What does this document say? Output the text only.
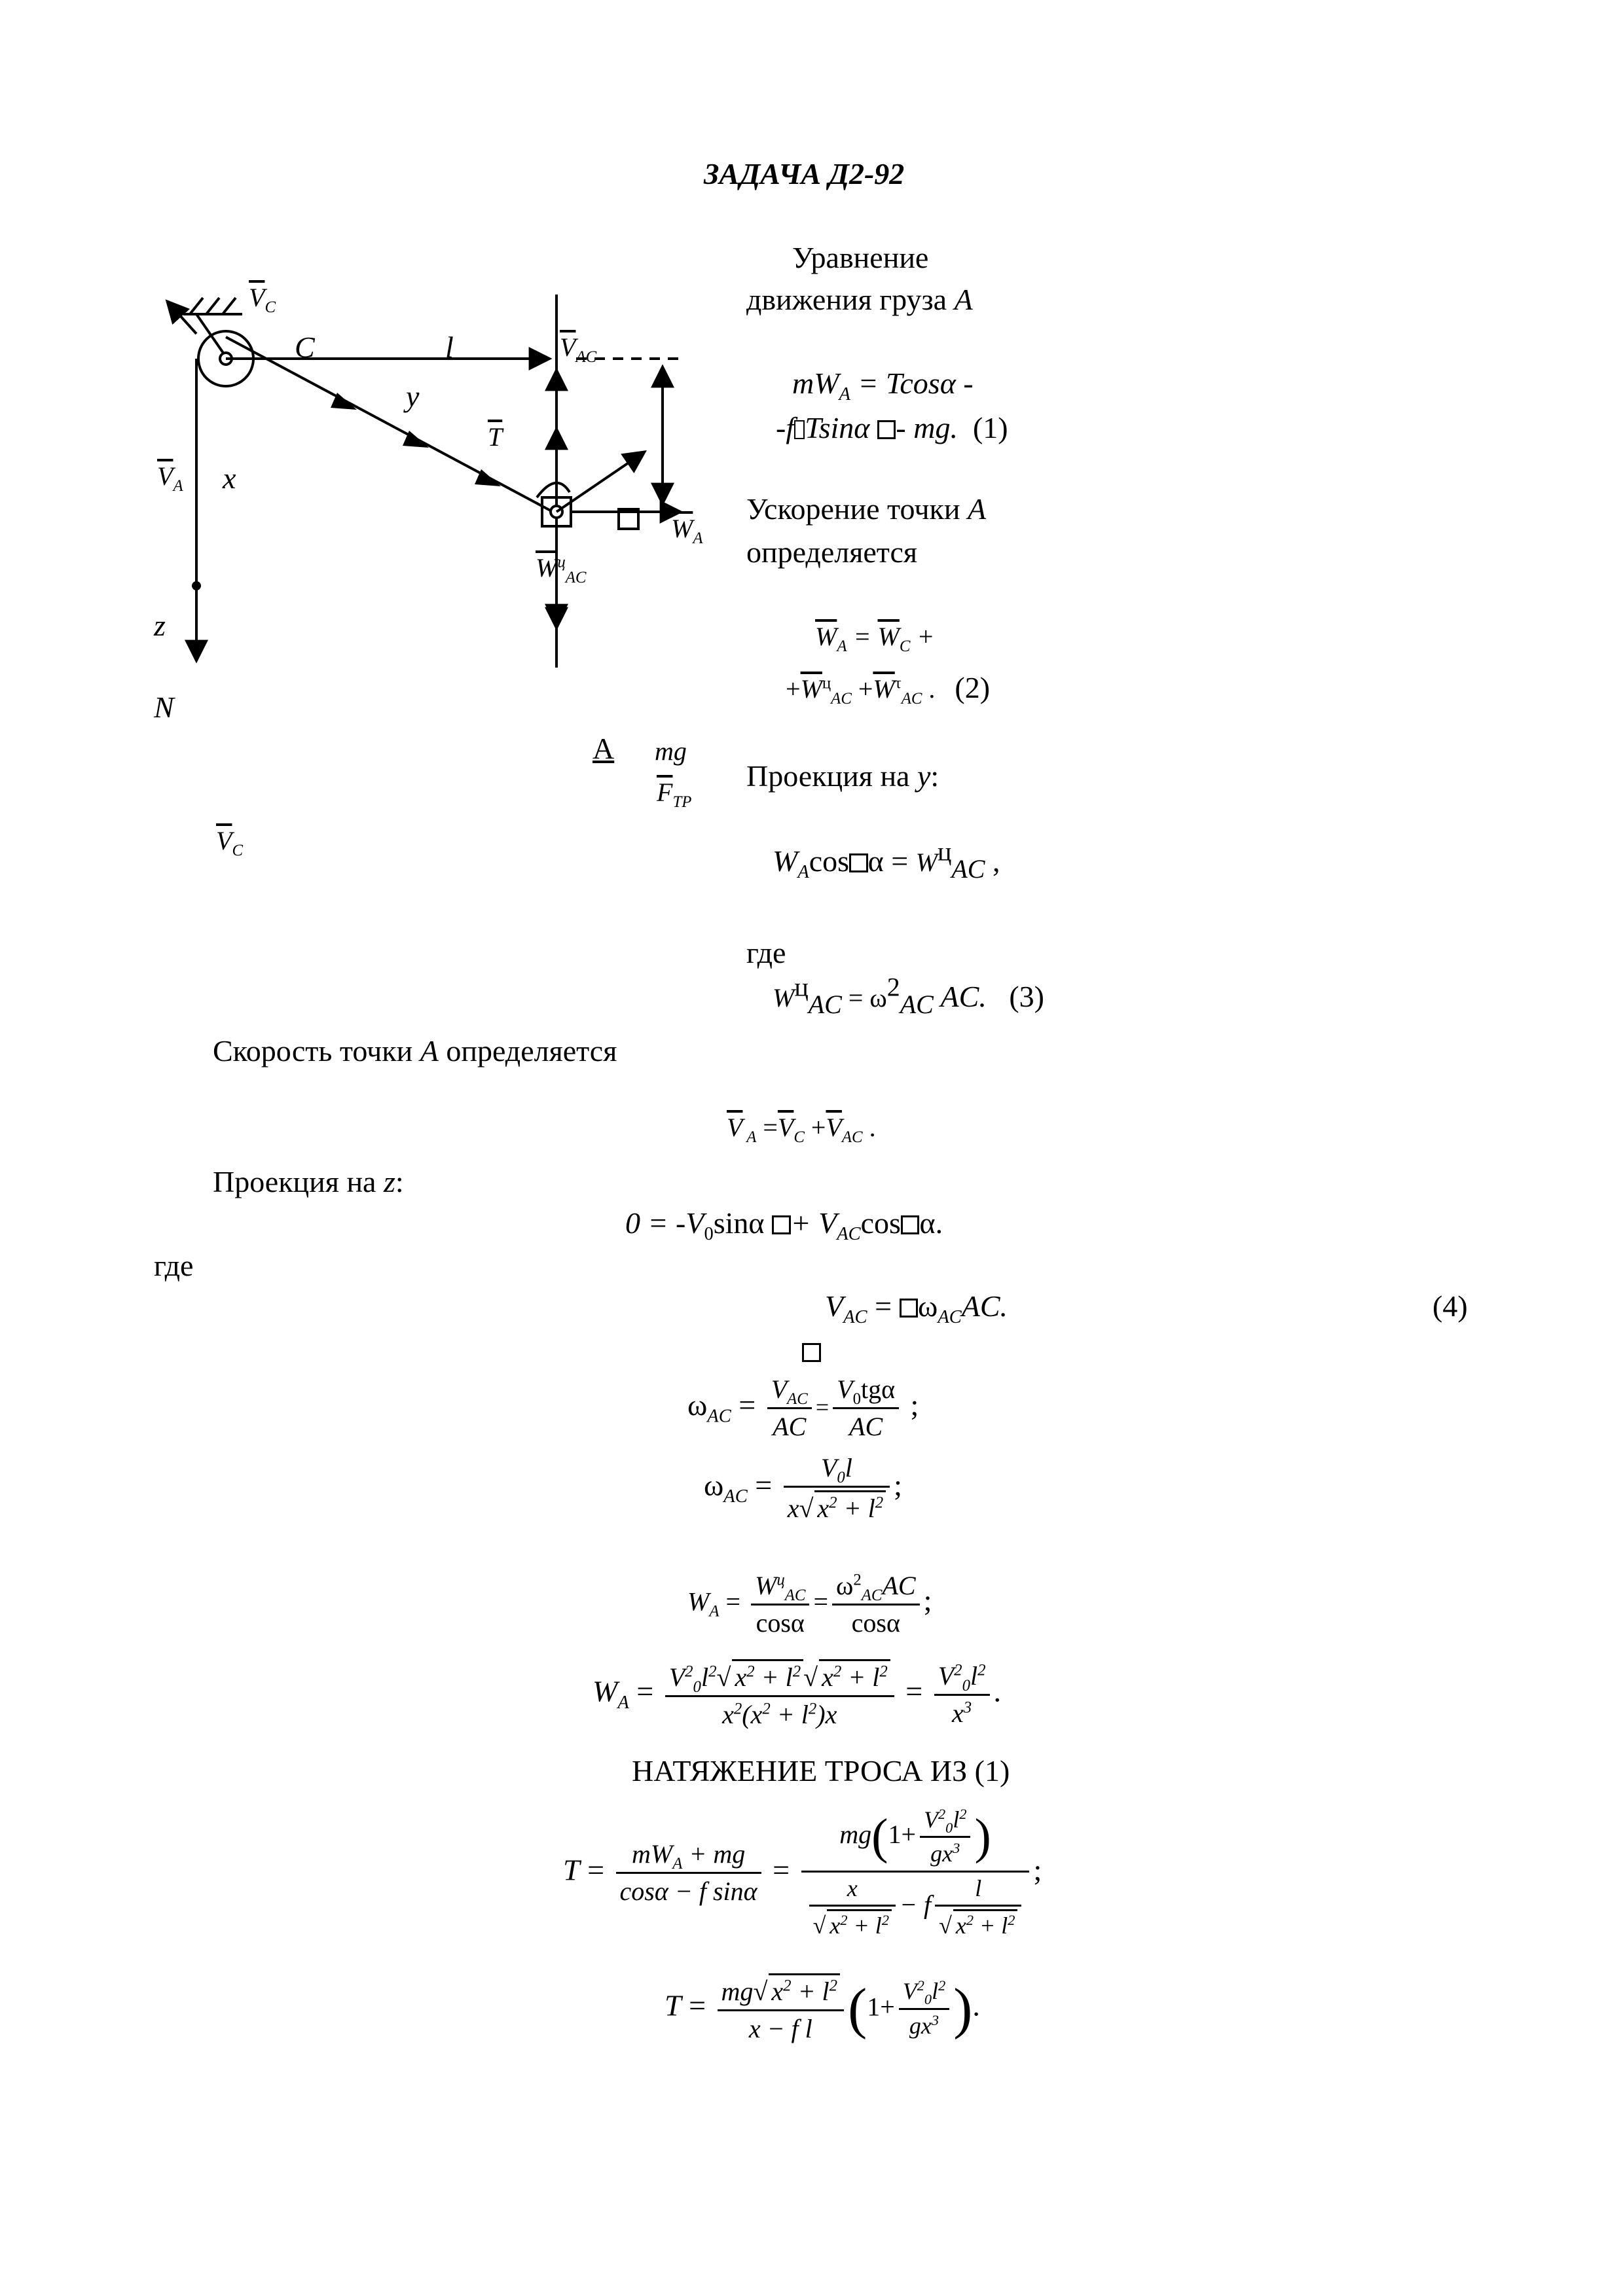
$\overline{V}_C$
C	l	$\overline{V}_{AC}$
y
$\overline{T}$
$\overline{V}_A$ x
$\overline{W}_A$
$\overline{W}^ц_{AC}$
z
N
A mg
$\overline{F}_{ТР}$
$\overline{V}_C$
ЗАДАЧА Д2-92
Уравнение
движения груза A
$mW_A = Tcos\alpha$ -
-f Tsinα - mg. (1)
Ускорение точки A
определяется
$\overline{W}_A = \overline{W}_C$ +
$+\overline{W}^ц_{AC} +\overline{W}^\tau_{AC}$ . (2)
Проекция на y:
$W_A\cos$ $\alpha = W^ц_{AC}$ ,
где
$W^ц_{AC} = \omega^2_{AC}$ AC. (3)
Скорость точки A определяется
$\overline{V}$ $_A =\overline{V}_C +\overline{V}_{AC}$ .
Проекция на z:
$0 = -V_0\sin\alpha + V_{AC}\cos$ α.
где
$V_{AC} = \omega_{AC}AC$.	(4)
$\omega_{AC} = \frac{V_{AC}}{AC} = \frac{V_0tg\alpha}{AC}$ ;
$\omega_{AC} = \frac{V_0l}{x √ x^2 + l^2}$ ;
$W_A = \frac{W^ц_{AC}}{\cos\alpha} = \frac{\omega^2_{AC}AC}{\cos\alpha}$ ;
$W_A = \frac{V^2_0l^2 √ x^2 + l^2 √ x^2 + l^2}{x^2(x^2 + l^2)x} = \frac{V^2_0l^2}{x^3}$ .
НАТЯЖЕНИЕ ТРОСА ИЗ (1)
$T = \frac{mW_A + mg}{\text{cosα − f sinα}} = mg(1+ \frac{V^2_0l^2}{gx^3}$ )
x
√ $x^2 + l^2 - f$ l
√ $x^2 + l^2$ ;
$T = \frac{mg √ x^2 + l^2}{\text{x − f l}} (1+ \frac{V^2_0l^2}{gx^3}$ ).
